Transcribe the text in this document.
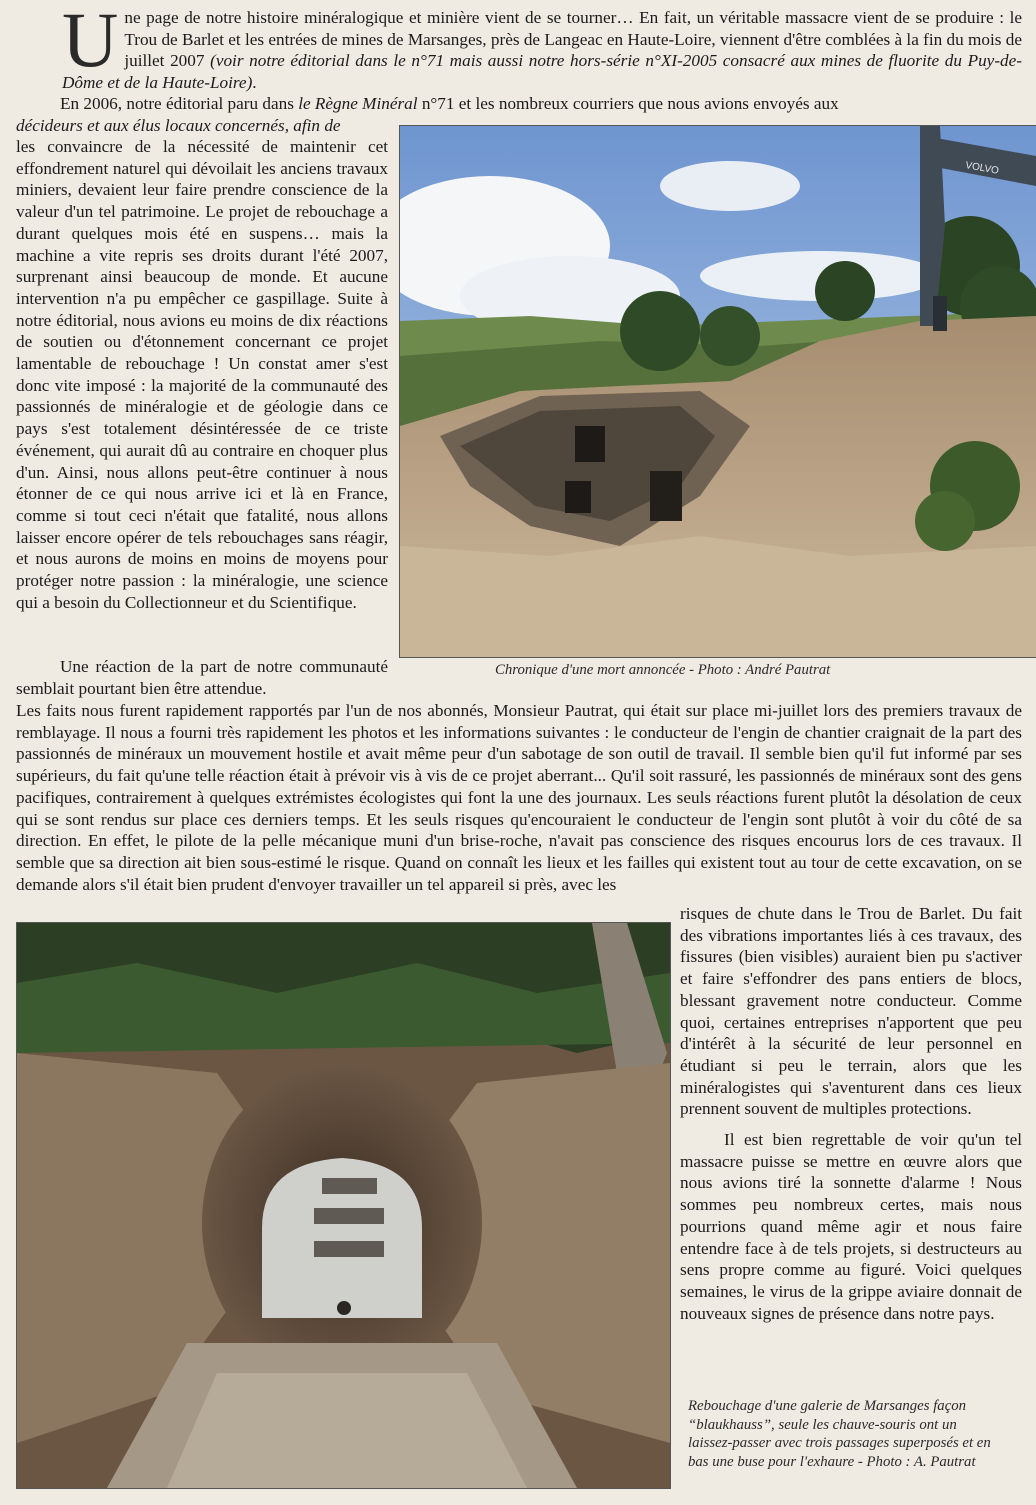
Une page de notre histoire minéralogique et minière vient de se tourner… En fait, un véritable massacre vient de se produire : le Trou de Barlet et les entrées de mines de Marsanges, près de Langeac en Haute-Loire, viennent d'être comblées à la fin du mois de juillet 2007 (voir notre éditorial dans le n°71 mais aussi notre hors-série n°XI-2005 consacré aux mines de fluorite du Puy-de-Dôme et de la Haute-Loire).

En 2006, notre éditorial paru dans le Règne Minéral n°71 et les nombreux courriers que nous avions envoyés aux
décideurs et aux élus locaux concernés, afin de

les convaincre de la nécessité de maintenir cet effondrement naturel qui dévoilait les anciens travaux miniers, devaient leur faire prendre conscience de la valeur d'un tel patrimoine. Le projet de rebouchage a durant quelques mois été en suspens… mais la machine a vite repris ses droits durant l'été 2007, surprenant ainsi beaucoup de monde. Et aucune intervention n'a pu empêcher ce gaspillage. Suite à notre éditorial, nous avions eu moins de dix réactions de soutien ou d'étonnement concernant ce projet lamentable de rebouchage ! Un constat amer s'est donc vite imposé : la majorité de la communauté des passionnés de minéralogie et de géologie dans ce pays s'est totalement désintéressée de ce triste événement, qui aurait dû au contraire en choquer plus d'un. Ainsi, nous allons peut-être continuer à nous étonner de ce qui nous arrive ici et là en France, comme si tout ceci n'était que fatalité, nous allons laisser encore opérer de tels rebouchages sans réagir, et nous aurons de moins en moins de moyens pour protéger notre passion : la minéralogie, une science qui a besoin du Collectionneur et du Scientifique.

VOLVO
Chronique d'une mort annoncée - Photo : André Pautrat

Une réaction de la part de notre communauté semblait pourtant bien être attendue.

Les faits nous furent rapidement rapportés par l'un de nos abonnés, Monsieur Pautrat, qui était sur place mi-juillet lors des premiers travaux de remblayage. Il nous a fourni très rapidement les photos et les informations suivantes : le conducteur de l'engin de chantier craignait de la part des passionnés de minéraux un mouvement hostile et avait même peur d'un sabotage de son outil de travail. Il semble bien qu'il fut informé par ses supérieurs, du fait qu'une telle réaction était à prévoir vis à vis de ce projet aberrant... Qu'il soit rassuré, les passionnés de minéraux sont des gens pacifiques, contrairement à quelques extrémistes écologistes qui font la une des journaux. Les seuls réactions furent plutôt la désolation de ceux qui se sont rendus sur place ces derniers temps. Et les seuls risques qu'encouraient le conducteur de l'engin sont plutôt à voir du côté de sa direction. En effet, le pilote de la pelle mécanique muni d'un brise-roche, n'avait pas conscience des risques encourus lors de ces travaux. Il semble que sa direction ait bien sous-estimé le risque. Quand on connaît les lieux et les failles qui existent tout au tour de cette excavation, on se demande alors s'il était bien prudent d'envoyer travailler un tel appareil si près, avec les

risques de chute dans le Trou de Barlet. Du fait des vibrations importantes liés à ces travaux, des fissures (bien visibles) auraient bien pu s'activer et faire s'effondrer des pans entiers de blocs, blessant gravement notre conducteur. Comme quoi, certaines entreprises n'apportent que peu d'intérêt à la sécurité de leur personnel en étudiant si peu le terrain, alors que les minéralogistes qui s'aventurent dans ces lieux prennent souvent de multiples protections.

Il est bien regrettable de voir qu'un tel massacre puisse se mettre en œuvre alors que nous avions tiré la sonnette d'alarme ! Nous sommes peu nombreux certes, mais nous pourrions quand même agir et nous faire entendre face à de tels projets, si destructeurs au sens propre comme au figuré. Voici quelques semaines, le virus de la grippe aviaire donnait de nouveaux signes de présence dans notre pays.

Rebouchage d'une galerie de Marsanges façon “blaukhauss”, seule les chauve-souris ont un laissez-passer avec trois passages superposés et en bas une buse pour l'exhaure - Photo : A. Pautrat
